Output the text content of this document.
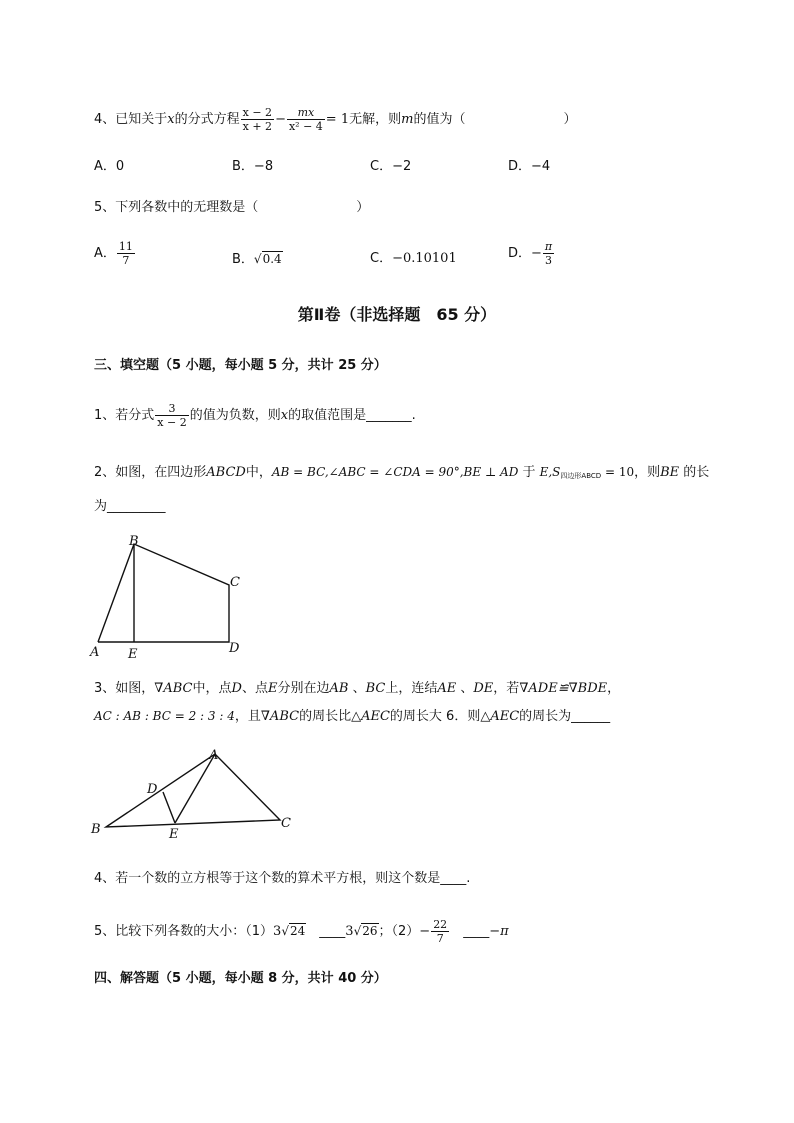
4、已知关于x的分式方程 $\frac{x - 2}{x + 2} - \frac{mx}{\text{x² − 4}} = 1$无解，则m的值为（	）
A．0	B．−8	C．−2	D．−4
5、下列各数中的无理数是（	）
A． $\frac{11}{7}$	B．√0.4	C．−0.10101	D．− $\frac{\pi}{3}$
第Ⅱ卷（非选择题　65 分）
三、填空题（5 小题，每小题 5 分，共计 25 分）
1、若分式 $\frac{3}{x - 2}$ 的值为负数，则x的取值范围是_______.
2、如图，在四边形ABCD中，AB = BC,∠ABC = ∠CDA = 90°,BE ⊥ AD 于 $E,S_{四边形ABCD} = 10$，则BE 的长
为_________
A
B
C
D
E
3、如图，∇ABC中，点D、点E分别在边AB 、BC上，连结AE 、DE，若∇ADE≌∇BDE，
AC : AB : BC = 2 : 3 : 4，且∇ABC的周长比△AEC的周长大 6．则△AEC的周长为______
B
A
C
D
E
4、若一个数的立方根等于这个数的算术平方根，则这个数是____.
5、比较下列各数的大小：（1）3√24　____3√26；$(2)- \frac{22}{7}$ 　____−π
四、解答题（5 小题，每小题 8 分，共计 40 分）
